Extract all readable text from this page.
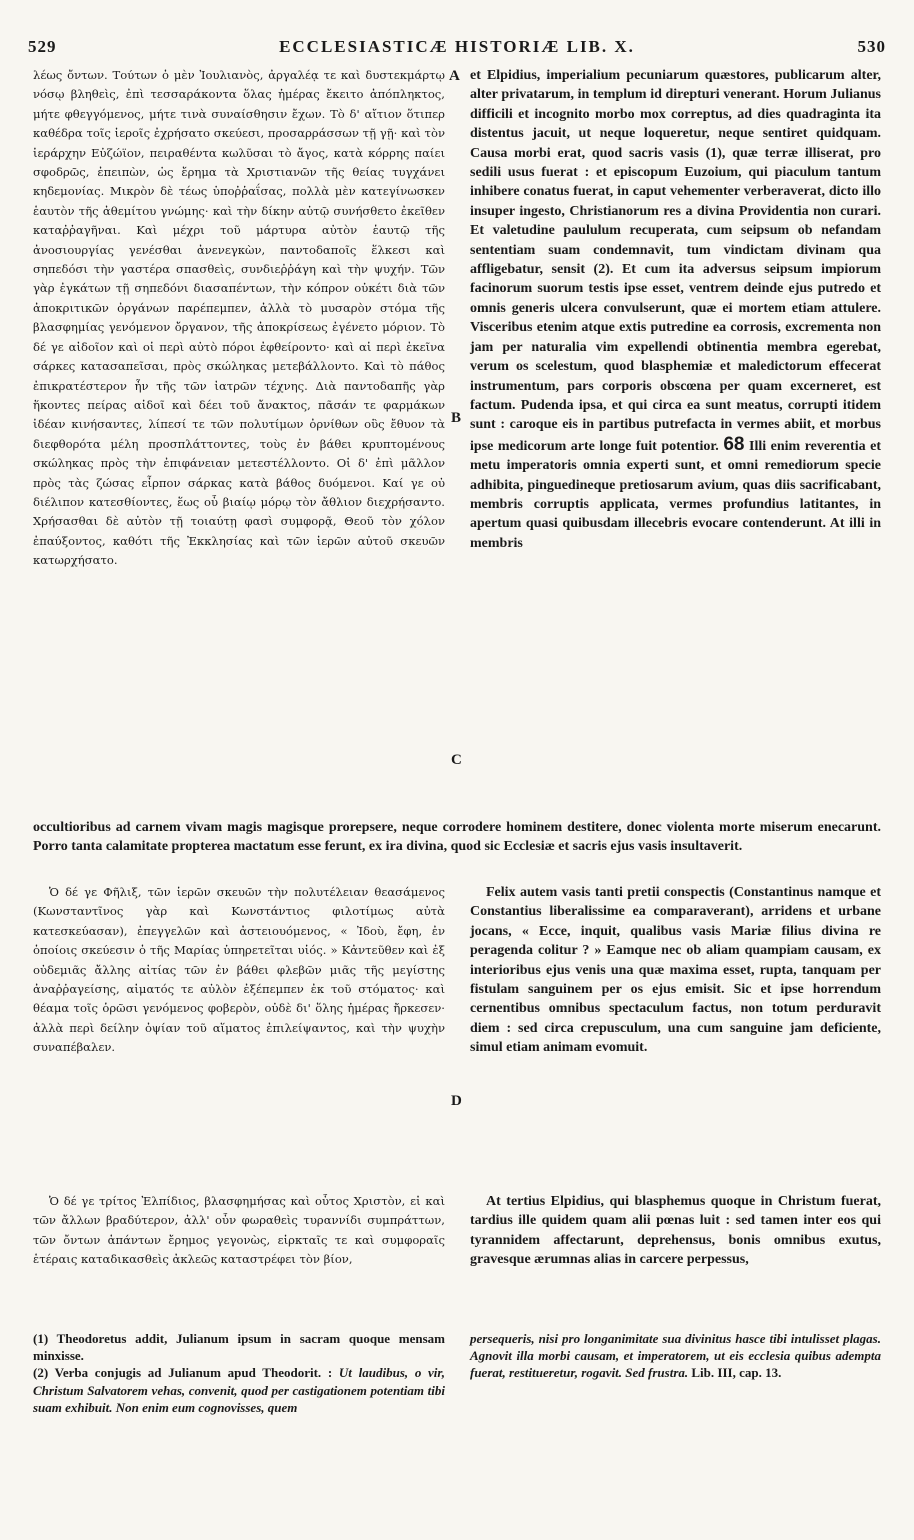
529	ECCLESIASTICÆ HISTORIÆ LIB. X.	530

λέως ὄντων. Τούτων ὁ μὲν Ἰουλιανὸς, ἀργαλέᾳ τε καὶ δυστεκμάρτῳ νόσῳ βληθεὶς, ἐπὶ τεσσαράκοντα ὅλας ἡμέρας ἔκειτο ἀπόπληκτος, μήτε φθεγγόμενος, μήτε τινὰ συναίσθησιν ἔχων. Τὸ δ' αἴτιον ὅτιπερ καθέδρα τοῖς ἱεροῖς ἐχρήσατο σκεύεσι, προσαρράσσων τῇ γῇ· καὶ τὸν ἱεράρχην Εὐζώϊον, πειραθέντα κωλῦσαι τὸ ἄγος, κατὰ κόρρης παίει σφοδρῶς, ἐπειπὼν, ὡς ἔρημα τὰ Χριστιανῶν τῆς θείας τυγχάνει κηδεμονίας. Μικρὸν δὲ τέως ὑποῤῥαΐσας, πολλὰ μὲν κατεγίνωσκεν ἑαυτὸν τῆς ἀθεμίτου γνώμης· καὶ τὴν δίκην αὐτῷ συνήσθετο ἐκεῖθεν καταῤῥαγῆναι. Καὶ μέχρι τοῦ μάρτυρα αὐτὸν ἑαυτῷ τῆς ἀνοσιουργίας γενέσθαι ἀνενεγκὼν, παντοδαποῖς ἕλκεσι καὶ σηπεδόσι τὴν γαστέρα σπασθεὶς, συνδιεῤῥάγη καὶ τὴν ψυχήν. Τῶν γὰρ ἐγκάτων τῇ σηπεδόνι διασαπέντων, τὴν κόπρον οὐκέτι διὰ τῶν ἀποκριτικῶν ὀργάνων παρέπεμπεν, ἀλλὰ τὸ μυσαρὸν στόμα τῆς βλασφημίας γενόμενον ὄργανον, τῆς ἀποκρίσεως ἐγένετο μόριον. Τὸ δέ γε αἰδοῖον καὶ οἱ περὶ αὐτὸ πόροι ἐφθείροντο· καὶ αἱ περὶ ἐκεῖνα σάρκες κατασαπεῖσαι, πρὸς σκώληκας μετεβάλλοντο. Καὶ τὸ πάθος ἐπικρατέστερον ἦν τῆς τῶν ἰατρῶν τέχνης. Διὰ παντοδαπῆς γὰρ ἥκοντες πείρας αἰδοῖ καὶ δέει τοῦ ἄνακτος, πᾶσάν τε φαρμάκων ἰδέαν κινήσαντες, λίπεσί τε τῶν πολυτίμων ὀρνίθων οὓς ἔθυον τὰ διεφθορότα μέλη προσπλάττοντες, τοὺς ἐν βάθει κρυπτομένους σκώληκας πρὸς τὴν ἐπιφάνειαν μετεστέλλοντο. Οἱ δ' ἐπὶ μᾶλλον πρὸς τὰς ζώσας εἶρπον σάρκας κατὰ βάθος δυόμενοι. Καί γε οὐ διέλιπον κατεσθίοντες, ἕως οὗ βιαίῳ μόρῳ τὸν ἄθλιον διεχρήσαντο. Χρήσασθαι δὲ αὐτὸν τῇ τοιαύτῃ φασὶ συμφορᾷ, Θεοῦ τὸν χόλον ἐπαύξοντος, καθότι τῆς Ἐκκλησίας καὶ τῶν ἱερῶν αὐτοῦ σκευῶν κατωρχήσατο.

et Elpidius, imperialium pecuniarum quæstores, publicarum alter, alter privatarum, in templum id direpturi venerant. Horum Julianus difficili et incognito morbo mox correptus, ad dies quadraginta ita distentus jacuit, ut neque loqueretur, neque sentiret quidquam. Causa morbi erat, quod sacris vasis (1), quæ terræ illiserat, pro sedili usus fuerat : et episcopum Euzoium, qui piaculum tantum inhibere conatus fuerat, in caput vehementer verberaverat, dicto illo insuper ingesto, Christianorum res a divina Providentia non curari. Et valetudine paululum recuperata, cum seipsum ob nefandam sententiam suam condemnavit, tum vindictam divinam qua affligebatur, sensit (2). Et cum ita adversus seipsum impiorum facinorum suorum testis ipse esset, ventrem deinde ejus putredo et omnis generis ulcera convulserunt, quæ ei mortem etiam attulere. Visceribus etenim atque extis putredine ea corrosis, excrementa non jam per naturalia vim expellendi obtinentia membra egerebat, verum os scelestum, quod blasphemiæ et maledictorum effecerat instrumentum, pars corporis obscœna per quam excerneret, est factum. Pudenda ipsa, et qui circa ea sunt meatus, corrupti itidem sunt : caroque eis in partibus putrefacta in vermes abiit, et morbus ipse medicorum arte longe fuit potentior. 68 Illi enim reverentia et metu imperatoris omnia experti sunt, et omni remediorum specie adhibita, pinguedineque pretiosarum avium, quas diis sacrificabant, membris corruptis applicata, vermes profundius latitantes, in apertum quasi quibusdam illecebris evocare contenderunt. At illi in membris

A
B
C
D
occultioribus ad carnem vivam magis magisque prorepsere, neque corrodere hominem destitere, donec violenta morte miserum enecarunt. Porro tanta calamitate propterea mactatum esse ferunt, ex ira divina, quod sic Ecclesiæ et sacris ejus vasis insultaverit.

Ὁ δέ γε Φῆλιξ, τῶν ἱερῶν σκευῶν τὴν πολυτέλειαν θεασάμενος (Κωνσταντῖνος γὰρ καὶ Κωνστάντιος φιλοτίμως αὐτὰ κατεσκεύασαν), ἐπεγγελῶν καὶ ἀστειουόμενος, « Ἰδοὺ, ἔφη, ἐν ὁποίοις σκεύεσιν ὁ τῆς Μαρίας ὑπηρετεῖται υἱός. » Κἀντεῦθεν καὶ ἐξ οὐδεμιᾶς ἄλλης αἰτίας τῶν ἐν βάθει φλεβῶν μιᾶς τῆς μεγίστης ἀναῤῥαγείσης, αἱματός τε αὐλὸν ἐξέπεμπεν ἐκ τοῦ στόματος· καὶ θέαμα τοῖς ὁρῶσι γενόμενος φοβερὸν, οὐδὲ δι' ὅλης ἡμέρας ἤρκεσεν· ἀλλὰ περὶ δείλην ὀψίαν τοῦ αἵματος ἐπιλείψαντος, καὶ τὴν ψυχὴν συναπέβαλεν.

Felix autem vasis tanti pretii conspectis (Constantinus namque et Constantius liberalissime ea comparaverant), arridens et urbane jocans, « Ecce, inquit, qualibus vasis Mariæ filius divina re peragenda colitur ? » Eamque nec ob aliam quampiam causam, ex interioribus ejus venis una quæ maxima esset, rupta, tanquam per fistulam sanguinem per os ejus emisit. Sic et ipse horrendum cernentibus omnibus spectaculum factus, non totum perduravit diem : sed circa crepusculum, una cum sanguine jam deficiente, simul etiam animam evomuit.

Ὁ δέ γε τρίτος Ἐλπίδιος, βλασφημήσας καὶ οὗτος Χριστὸν, εἰ καὶ τῶν ἄλλων βραδύτερον, ἀλλ' οὖν φωραθεὶς τυραννίδι συμπράττων, τῶν ὄντων ἁπάντων ἔρημος γεγονὼς, εἱρκταῖς τε καὶ συμφοραῖς ἑτέραις καταδικασθεὶς ἀκλεῶς καταστρέφει τὸν βίον,

At tertius Elpidius, qui blasphemus quoque in Christum fuerat, tardius ille quidem quam alii pœnas luit : sed tamen inter eos qui tyrannidem affectarunt, deprehensus, bonis omnibus exutus, gravesque ærumnas alias in carcere perpessus,

(1) Theodoretus addit, Julianum ipsum in sacram quoque mensam minxisse.

(2) Verba conjugis ad Julianum apud Theodorit. : Ut laudibus, o vir, Christum Salvatorem vehas, convenit, quod per castigationem potentiam tibi suam exhibuit. Non enim eum cognovisses, quem

persequeris, nisi pro longanimitate sua divinitus hasce tibi intulisset plagas. Agnovit illa morbi causam, et imperatorem, ut eis ecclesia quibus adempta fuerat, restitueretur, rogavit. Sed frustra. Lib. III, cap. 13.
